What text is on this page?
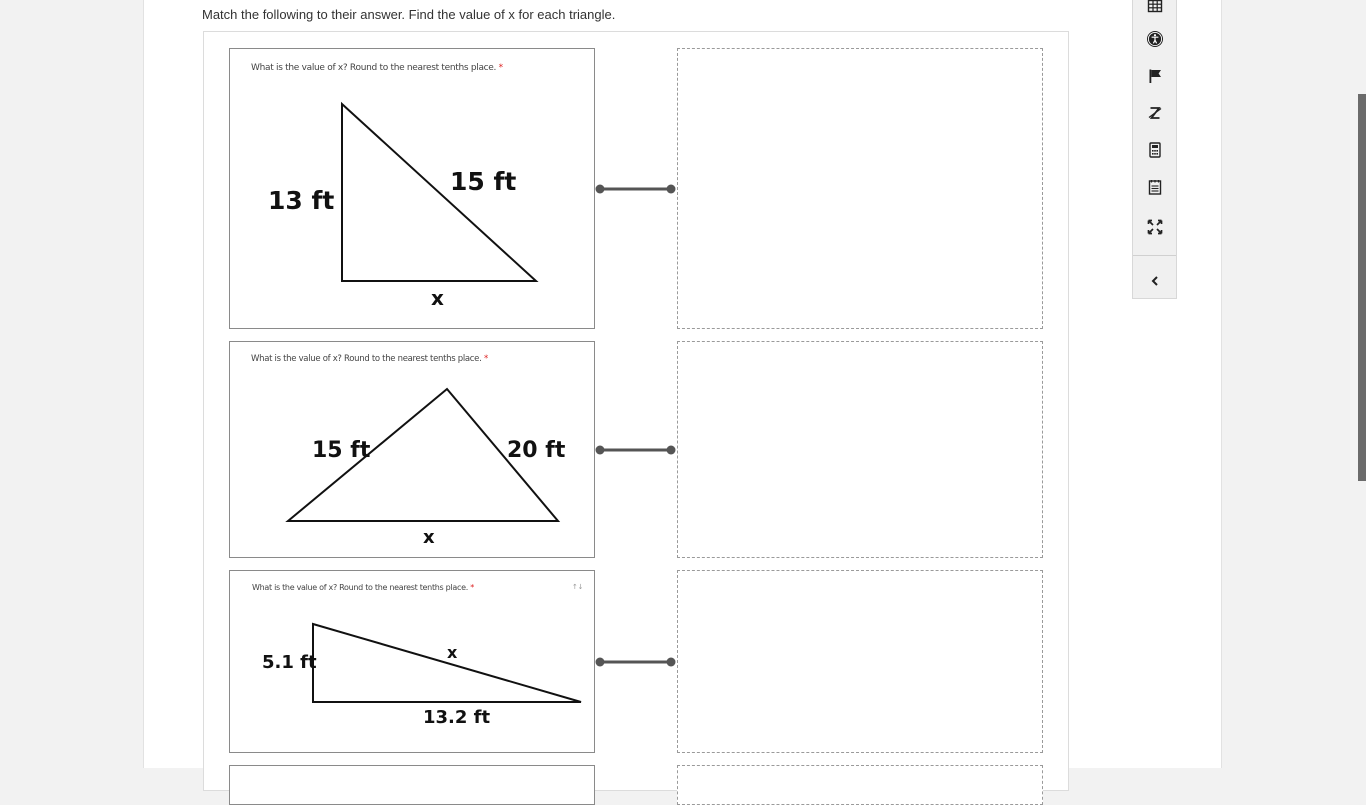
Match the following to their answer. Find the value of x for each triangle.
What is the value of x? Round to the nearest tenths place. *
13 ft
15 ft
x
What is the value of x? Round to the nearest tenths place. *
15 ft	20 ft
x
What is the value of x? Round to the nearest tenths place. *	↑↓
5.1 ft	x
13.2 ft
